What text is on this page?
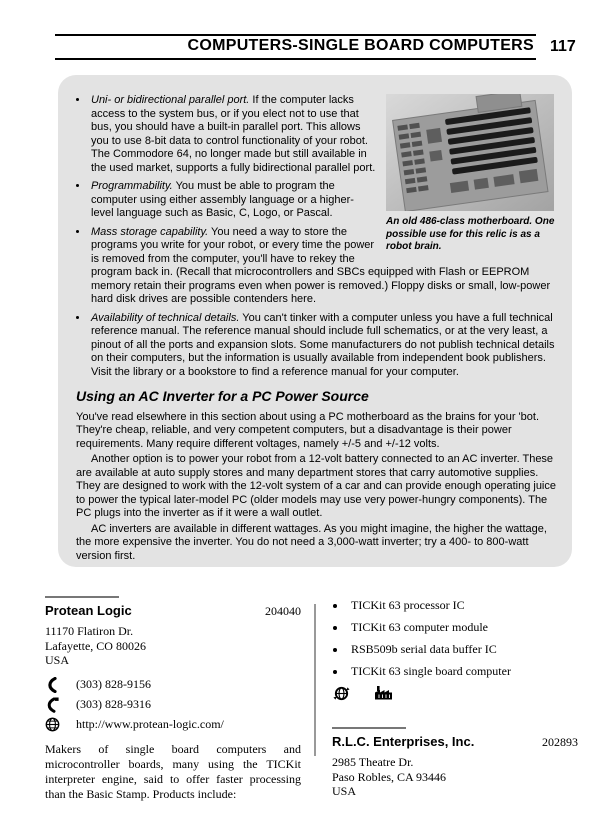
COMPUTERS-SINGLE BOARD COMPUTERS 117
An old 486-class motherboard. One possible use for this relic is as a robot brain.
• Uni- or bidirectional parallel port. If the computer lacks access to the system bus, or if you elect not to use that bus, you should have a built-in parallel port. This allows you to use 8-bit data to control functionality of your robot. The Commodore 64, no longer made but still available in the used market, supports a fully bidirectional parallel port.
• Programmability. You must be able to program the computer using either assembly language or a higher-level language such as Basic, C, Logo, or Pascal.
• Mass storage capability. You need a way to store the programs you write for your robot, or every time the power is removed from the computer, you'll have to rekey the program back in. (Recall that microcontrollers and SBCs equipped with Flash or EEPROM memory retain their programs even when power is removed.) Floppy disks or small, low-power hard disk drives are possible contenders here.
• Availability of technical details. You can't tinker with a computer unless you have a full technical reference manual. The reference manual should include full schematics, or at the very least, a pinout of all the ports and expansion slots. Some manufacturers do not publish technical details on their computers, but the information is usually available from independent book publishers. Visit the library or a bookstore to find a reference manual for your computer.
Using an AC Inverter for a PC Power Source

You've read elsewhere in this section about using a PC motherboard as the brains for your 'bot. They're cheap, reliable, and very competent computers, but a disadvantage is their power requirements. Many require different voltages, namely +/-5 and +/-12 volts.

Another option is to power your robot from a 12-volt battery connected to an AC inverter. These are available at auto supply stores and many department stores that carry automotive supplies. They are designed to work with the 12-volt system of a car and can provide enough operating juice to power the typical later-model PC (older models may use very power-hungry components). The PC plugs into the inverter as if it were a wall outlet.

AC inverters are available in different wattages. As you might imagine, the higher the wattage, the more expensive the inverter. You do not need a 3,000-watt inverter; try a 400- to 800-watt version first.

Protean Logic	204040
11170 Flatiron Dr.
Lafayette, CO 80026
USA
(303) 828-9156
(303) 828-9316
http://www.protean-logic.com/

Makers of single board computers and microcontroller boards, many using the TICKit interpreter engine, said to offer faster processing than the Basic Stamp. Products include:

• TICKit 63 processor IC
• TICKit 63 computer module
• RSB509b serial data buffer IC
• TICKit 63 single board computer
R.L.C. Enterprises, Inc.	202893
2985 Theatre Dr.
Paso Robles, CA 93446
USA
